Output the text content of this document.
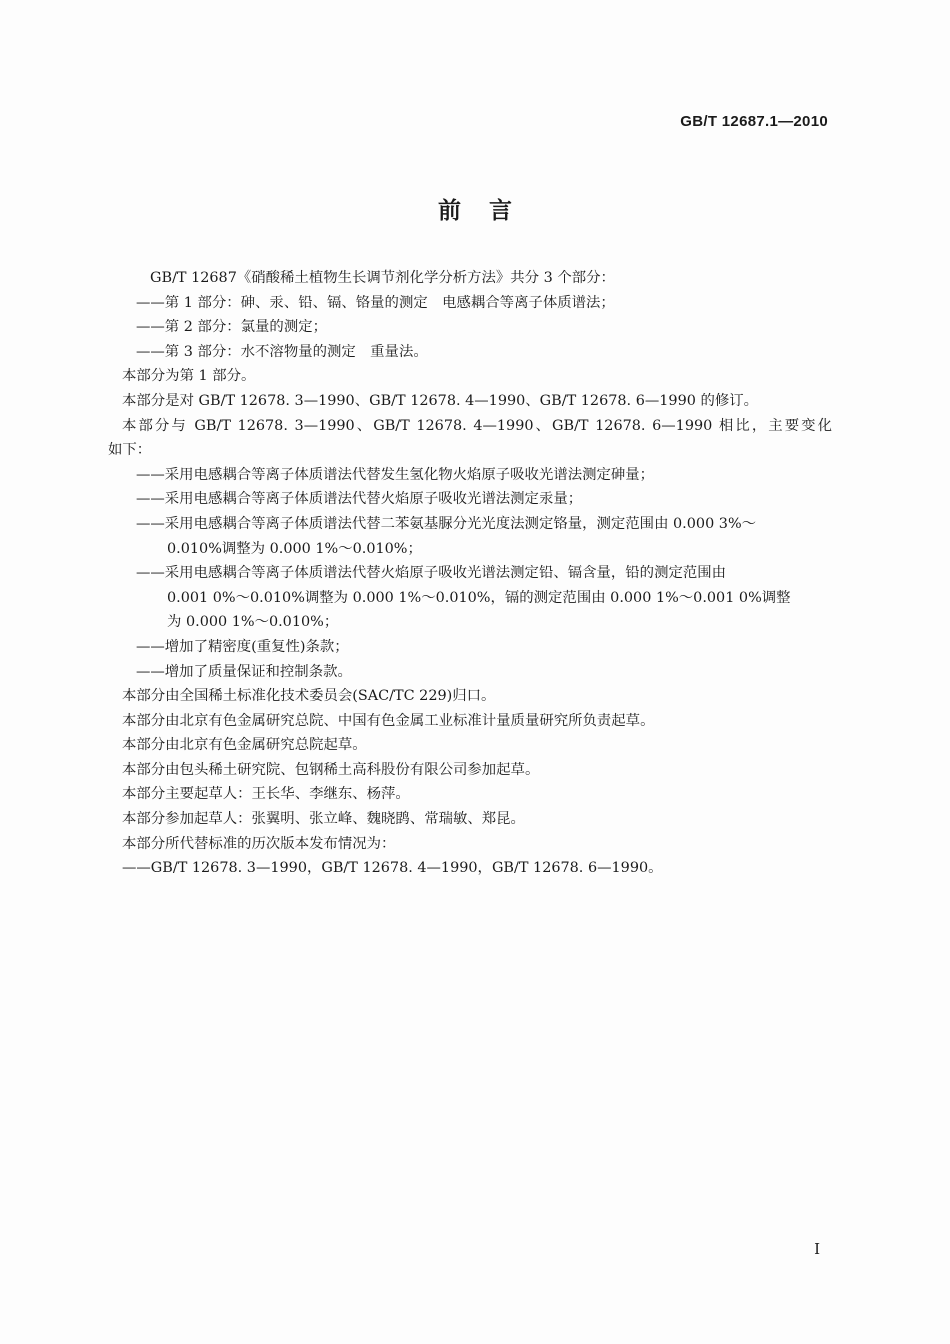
GB/T 12687.1—2010
前言

GB/T 12687《硝酸稀土植物生长调节剂化学分析方法》共分 3 个部分：

——第 1 部分：砷、汞、铅、镉、铬量的测定　电感耦合等离子体质谱法；

——第 2 部分：氯量的测定；

——第 3 部分：水不溶物量的测定　重量法。

本部分为第 1 部分。

本部分是对 GB/T 12678. 3—1990、GB/T 12678. 4—1990、GB/T 12678. 6—1990 的修订。

本部分与 GB/T 12678. 3—1990、GB/T 12678. 4—1990、GB/T 12678. 6—1990 相比，主要变化

如下：

——采用电感耦合等离子体质谱法代替发生氢化物火焰原子吸收光谱法测定砷量；

——采用电感耦合等离子体质谱法代替火焰原子吸收光谱法测定汞量；

——采用电感耦合等离子体质谱法代替二苯氨基脲分光光度法测定铬量，测定范围由 0.000 3%～

0.010%调整为 0.000 1%～0.010%；

——采用电感耦合等离子体质谱法代替火焰原子吸收光谱法测定铅、镉含量，铅的测定范围由

0.001 0%～0.010%调整为 0.000 1%～0.010%，镉的测定范围由 0.000 1%～0.001 0%调整

为 0.000 1%～0.010%；

——增加了精密度(重复性)条款；

——增加了质量保证和控制条款。

本部分由全国稀土标准化技术委员会(SAC/TC 229)归口。

本部分由北京有色金属研究总院、中国有色金属工业标准计量质量研究所负责起草。

本部分由北京有色金属研究总院起草。

本部分由包头稀土研究院、包钢稀土高科股份有限公司参加起草。

本部分主要起草人：王长华、李继东、杨萍。

本部分参加起草人：张翼明、张立峰、魏晓鹍、常瑞敏、郑昆。

本部分所代替标准的历次版本发布情况为：

——GB/T 12678. 3—1990，GB/T 12678. 4—1990，GB/T 12678. 6—1990。

I
